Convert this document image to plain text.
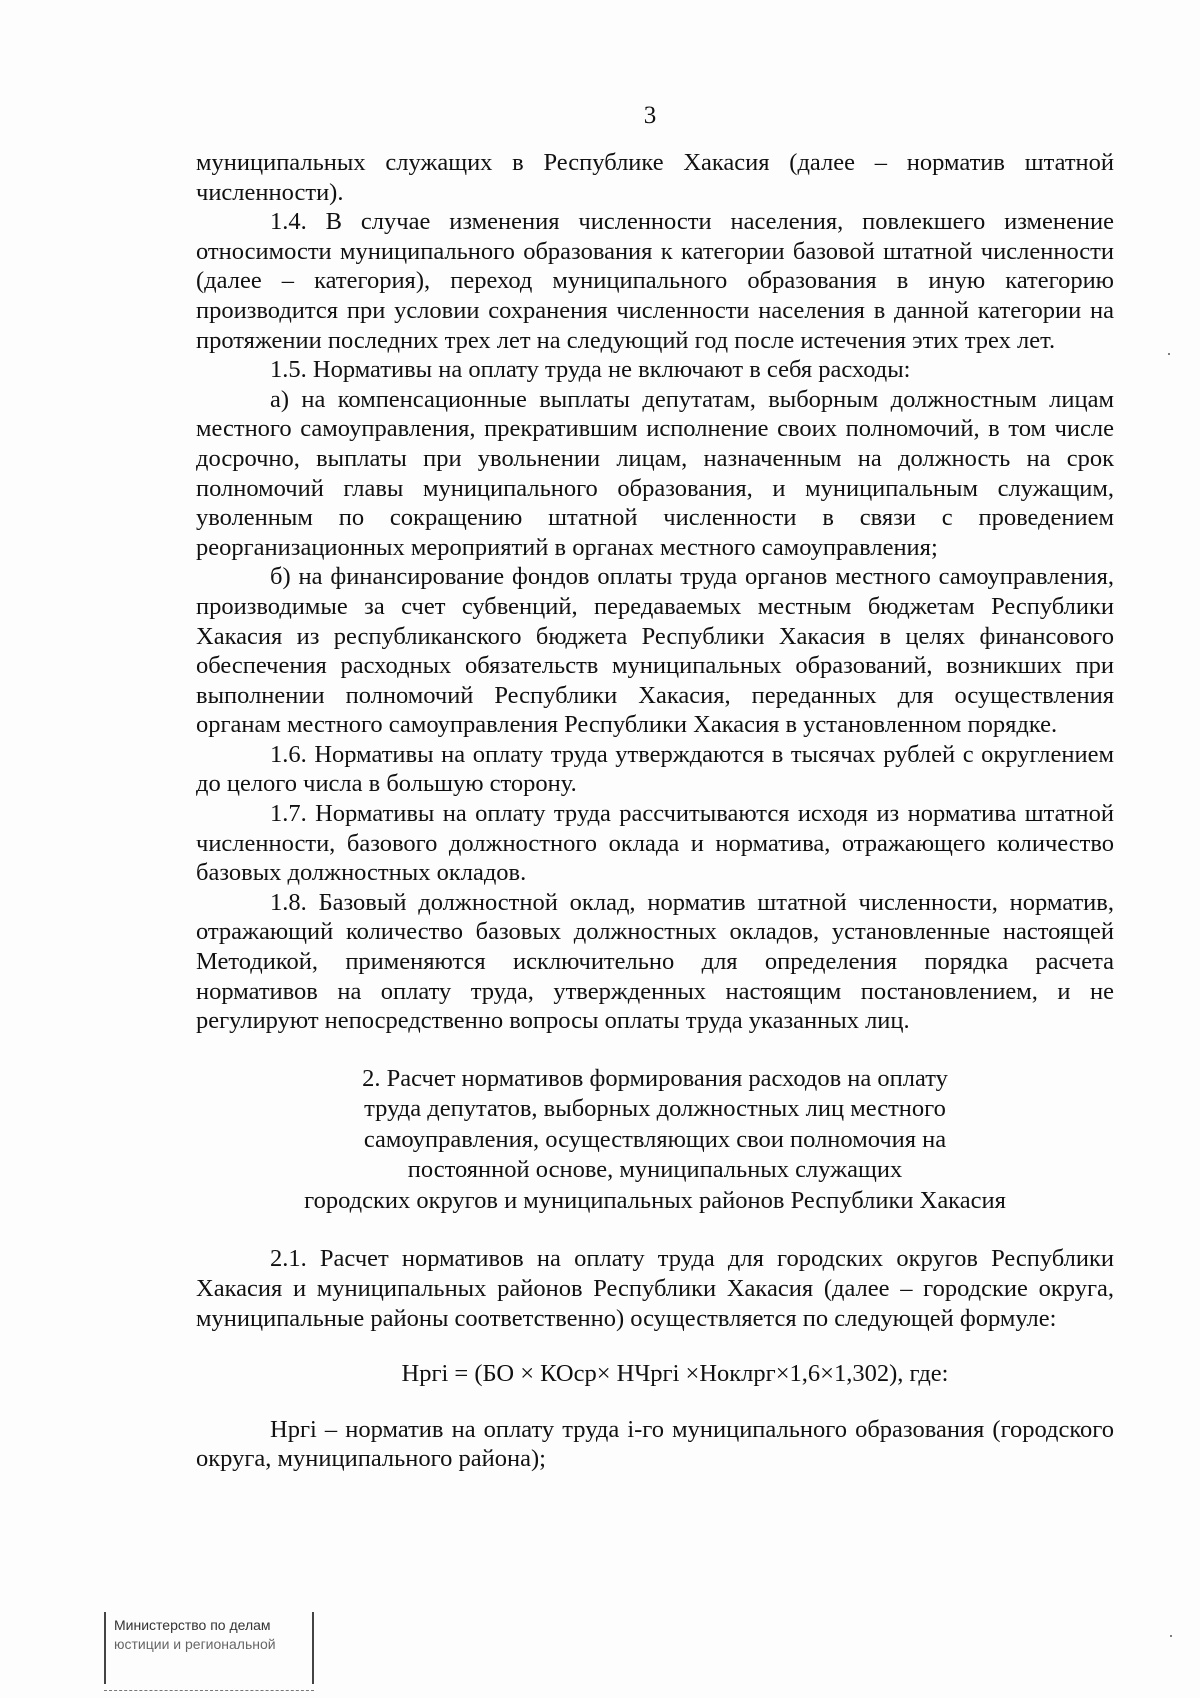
3

муниципальных служащих в Республике Хакасия (далее – норматив штатной численности).

1.4. В случае изменения численности населения, повлекшего изменение относимости муниципального образования к категории базовой штатной численности (далее – категория), переход муниципального образования в иную категорию производится при условии сохранения численности населения в данной категории на протяжении последних трех лет на следующий год после истечения этих трех лет.

1.5. Нормативы на оплату труда не включают в себя расходы:

а) на компенсационные выплаты депутатам, выборным должностным лицам местного самоуправления, прекратившим исполнение своих полномочий, в том числе досрочно, выплаты при увольнении лицам, назначенным на должность на срок полномочий главы муниципального образования, и муниципальным служащим, уволенным по сокращению штатной численности в связи с проведением реорганизационных мероприятий в органах местного самоуправления;

б) на финансирование фондов оплаты труда органов местного самоуправления, производимые за счет субвенций, передаваемых местным бюджетам Республики Хакасия из республиканского бюджета Республики Хакасия в целях финансового обеспечения расходных обязательств муниципальных образований, возникших при выполнении полномочий Республики Хакасия, переданных для осуществления органам местного самоуправления Республики Хакасия в установленном порядке.

1.6. Нормативы на оплату труда утверждаются в тысячах рублей с округлением до целого числа в большую сторону.

1.7. Нормативы на оплату труда рассчитываются исходя из норматива штатной численности, базового должностного оклада и норматива, отражающего количество базовых должностных окладов.

1.8. Базовый должностной оклад, норматив штатной численности, норматив, отражающий количество базовых должностных окладов, установленные настоящей Методикой, применяются исключительно для определения порядка расчета нормативов на оплату труда, утвержденных настоящим постановлением, и не регулируют непосредственно вопросы оплаты труда указанных лиц.

2. Расчет нормативов формирования расходов на оплату
труда депутатов, выборных должностных лиц местного
самоуправления, осуществляющих свои полномочия на
постоянной основе, муниципальных служащих
городских округов и муниципальных районов Республики Хакасия

2.1. Расчет нормативов на оплату труда для городских округов Республики Хакасия и муниципальных районов Республики Хакасия (далее – городские округа, муниципальные районы соответственно) осуществляется по следующей формуле:

Нргi = (БО × КОср× НЧргi ×Ноклрг×1,6×1,302), где:

Нргi – норматив на оплату труда i-го муниципального образования (городского округа, муниципального района);

Министерство по делам
юстиции и региональной
